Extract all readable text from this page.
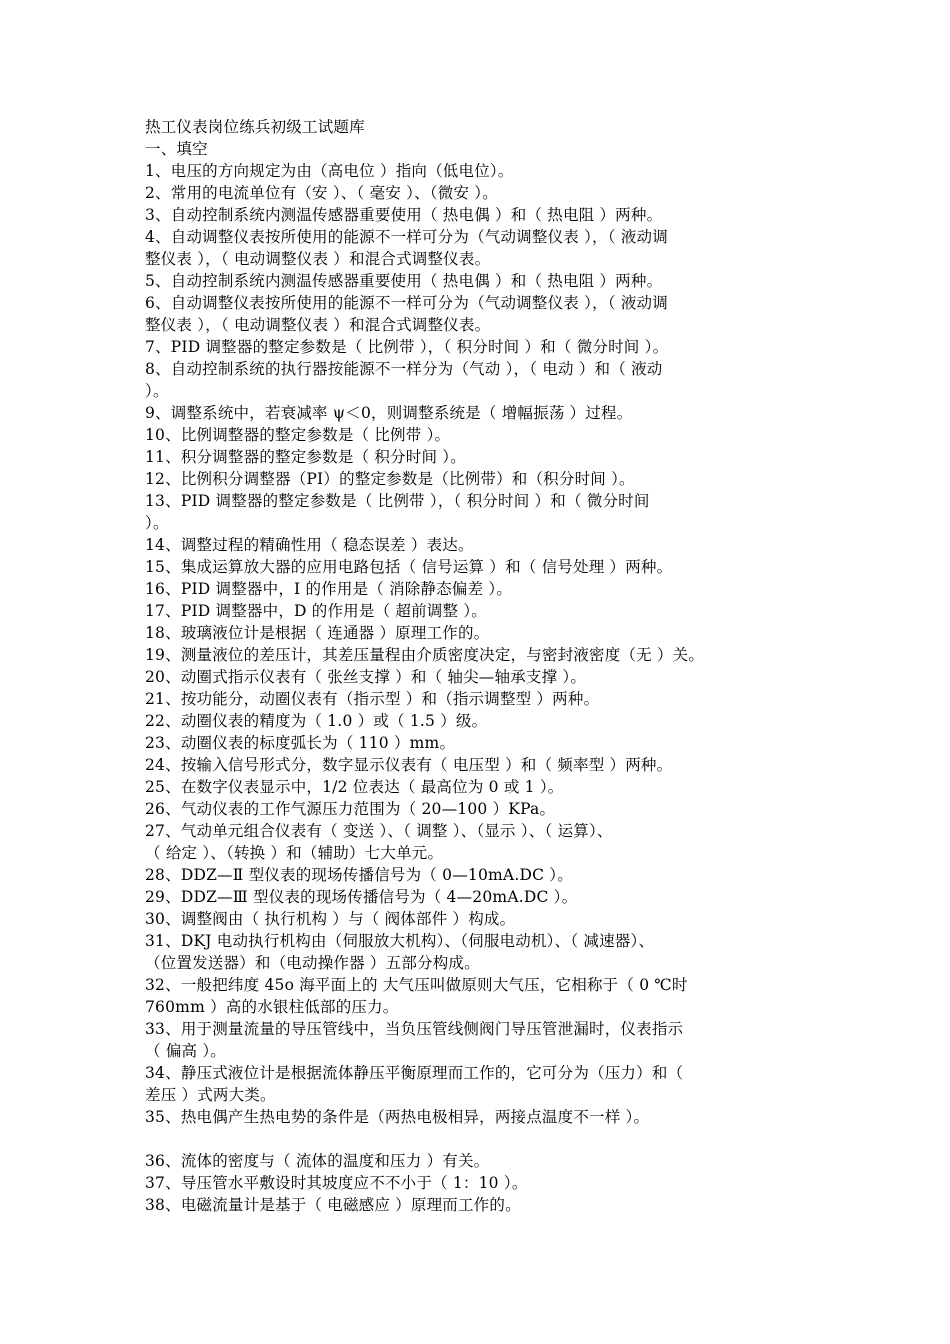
热工仪表岗位练兵初级工试题库
一、填空
1、电压的方向规定为由（高电位 ）指向（低电位）。
2、常用的电流单位有（安 ）、（ 毫安 ）、（微安 ）。
3、自动控制系统内测温传感器重要使用（ 热电偶 ）和（ 热电阻 ）两种。
4、自动调整仪表按所使用的能源不一样可分为（气动调整仪表 ），（ 液动调
整仪表 ），（ 电动调整仪表 ）和混合式调整仪表。
5、自动控制系统内测温传感器重要使用（ 热电偶 ）和（ 热电阻 ）两种。
6、自动调整仪表按所使用的能源不一样可分为（气动调整仪表 ），（ 液动调
整仪表 ），（ 电动调整仪表 ）和混合式调整仪表。
7、PID 调整器的整定参数是（ 比例带 ），（ 积分时间 ）和（ 微分时间 ）。
8、自动控制系统的执行器按能源不一样分为（气动 ），（ 电动 ）和（ 液动
）。
9、调整系统中，若衰减率 ψ＜0，则调整系统是（ 增幅振荡 ）过程。
10、比例调整器的整定参数是（ 比例带 ）。
11、积分调整器的整定参数是（ 积分时间 ）。
12、比例积分调整器（PI）的整定参数是（比例带）和（积分时间 ）。
13、PID 调整器的整定参数是（ 比例带 ），（ 积分时间 ）和（ 微分时间
）。
14、调整过程的精确性用（ 稳态误差 ）表达。
15、集成运算放大器的应用电路包括（ 信号运算 ）和（ 信号处理 ）两种。
16、PID 调整器中，I 的作用是（ 消除静态偏差 ）。
17、PID 调整器中，D 的作用是（ 超前调整 ）。
18、玻璃液位计是根据（ 连通器 ）原理工作的。
19、测量液位的差压计，其差压量程由介质密度决定，与密封液密度（无 ）关。
20、动圈式指示仪表有（ 张丝支撑 ）和（ 轴尖—轴承支撑 ）。
21、按功能分，动圈仪表有（指示型 ）和（指示调整型 ）两种。
22、动圈仪表的精度为（ 1.0 ）或（ 1.5 ）级。
23、动圈仪表的标度弧长为（ 110 ）mm。
24、按输入信号形式分，数字显示仪表有（ 电压型 ）和（ 频率型 ）两种。
25、在数字仪表显示中，1/2 位表达（ 最高位为 0 或 1 ）。
26、气动仪表的工作气源压力范围为（ 20—100 ）KPa。
27、气动单元组合仪表有（ 变送 ）、（ 调整 ）、（显示 ）、（ 运算）、
（ 给定 ）、（转换 ）和（辅助）七大单元。
28、DDZ—Ⅱ 型仪表的现场传播信号为（ 0—10mA.DC ）。
29、DDZ—Ⅲ 型仪表的现场传播信号为（ 4—20mA.DC ）。
30、调整阀由（ 执行机构 ）与（ 阀体部件 ）构成。
31、DKJ 电动执行机构由（伺服放大机构）、（伺服电动机）、（ 减速器）、
（位置发送器）和（电动操作器 ）五部分构成。
32、一般把纬度 45o 海平面上的 大气压叫做原则大气压，它相称于（ 0 ℃时
760mm ）高的水银柱低部的压力。
33、用于测量流量的导压管线中，当负压管线侧阀门导压管泄漏时，仪表指示
（ 偏高 ）。
34、静压式液位计是根据流体静压平衡原理而工作的，它可分为（压力）和（
差压 ）式两大类。
35、热电偶产生热电势的条件是（两热电极相异，两接点温度不一样 ）。
36、流体的密度与（ 流体的温度和压力 ）有关。
37、导压管水平敷设时其坡度应不不小于（ 1：10 ）。
38、电磁流量计是基于（ 电磁感应 ）原理而工作的。
